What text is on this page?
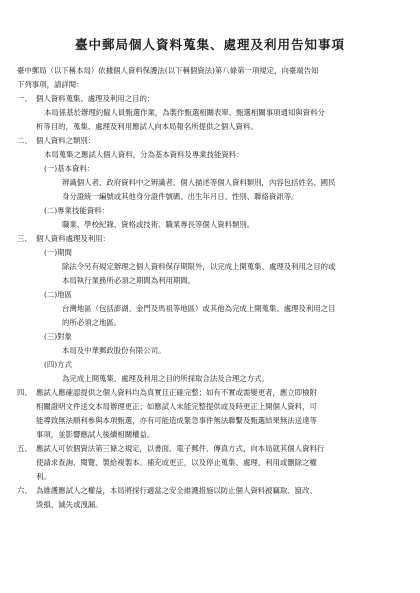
臺中郵局個人資料蒐集、處理及利用告知事項
臺中郵局（以下稱本局）依據個人資料保護法(以下稱個資法)第八條第一項規定，向臺端告知
下列事項，請詳閱：
一、 個人資料蒐集、處理及利用之目的：
本局係基於辦理約僱人員甄選作業，為製作甄選相關表單、甄選相關事項通知與資料分
析等目的，蒐集、處理及利用應試人向本局報名所提供之個人資料。
二、 個人資料之類別：
本局蒐集之應試人個人資料，分為基本資料及專業技能資料：
(一)基本資料：
辨識個人者、政府資料中之辨識者、個人描述等個人資料類別，內容包括姓名、國民
身分證統一編號或其他身分證件號碼、出生年月日、性別、聯絡資訊等。
(二)專業技能資料：
職業、學校紀錄、資格或技術、職業專長等個人資料類別。
三、 個人資料處理及利用：
(一)期間
除法令另有規定辦理之個人資料保存期限外，以完成上開蒐集、處理及利用之目的或
本局執行業務所必須之期間為利用期間。
(二)地區
台灣地區（包括澎湖、金門及馬祖等地區）或其他為完成上開蒐集、處理及利用之目
的所必須之地區。
(三)對象
本局及中華郵政股份有限公司。
(四)方式
為完成上開蒐集、處理及利用之目的所採取合法及合理之方式。
四、 應試人應確認提供之個人資料均為真實且正確完整；如有不實或需變更者，應立即檢附
相關證明文件送交本局辦理更正；如應試人未能完整提供或及時更正上開個人資料，可
能導致無法順利參與本項甄選，亦有可能造成緊急事件無法聯繫及甄選結果無法送達等
事項，並影響應試人後續相關權益。
五、 應試人可依個資法第三條之規定，以書面、電子郵件、傳真方式，向本局就其個人資料行
使請求查詢、閱覽、製給複製本、補充或更正，以及停止蒐集、處理、利用或刪除之權
利。
六、 為維護應試人之權益，本局將採行適當之安全維護措施以防止個人資料被竊取、竄改、
毀損、滅失或洩漏。
